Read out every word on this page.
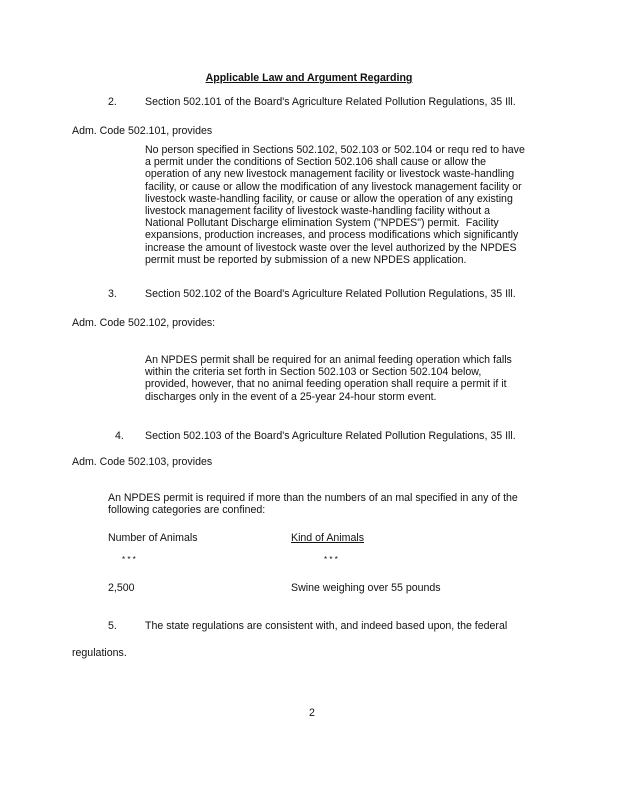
Applicable Law and Argument Regarding
2.	Section 502.101 of the Board's Agriculture Related Pollution Regulations, 35 Ill.
Adm. Code 502.101, provides
No person specified in Sections 502.102, 502.103 or 502.104 or requ red to have
a permit under the conditions of Section 502.106 shall cause or allow the
operation of any new livestock management facility or livestock waste-handling
facility, or cause or allow the modification of any livestock management facility or
livestock waste-handling facility, or cause or allow the operation of any existing
livestock management facility of livestock waste-handling facility without a
National Pollutant Discharge elimination System ("NPDES") permit.  Facility
expansions, production increases, and process modifications which significantly
increase the amount of livestock waste over the level authorized by the NPDES
permit must be reported by submission of a new NPDES application.
3.	Section 502.102 of the Board's Agriculture Related Pollution Regulations, 35 Ill.
Adm. Code 502.102, provides:
An NPDES permit shall be required for an animal feeding operation which falls
within the criteria set forth in Section 502.103 or Section 502.104 below,
provided, however, that no animal feeding operation shall require a permit if it
discharges only in the event of a 25-year 24-hour storm event.
4. Section 502.103 of the Board's Agriculture Related Pollution Regulations, 35 Ill.
Adm. Code 502.103, provides
An NPDES permit is required if more than the numbers of an mal specified in any of the
following categories are confined:
Number of Animals	Kind of Animals
* * *	* * *
2,500	Swine weighing over 55 pounds
5.	The state regulations are consistent with, and indeed based upon, the federal
regulations.
2
